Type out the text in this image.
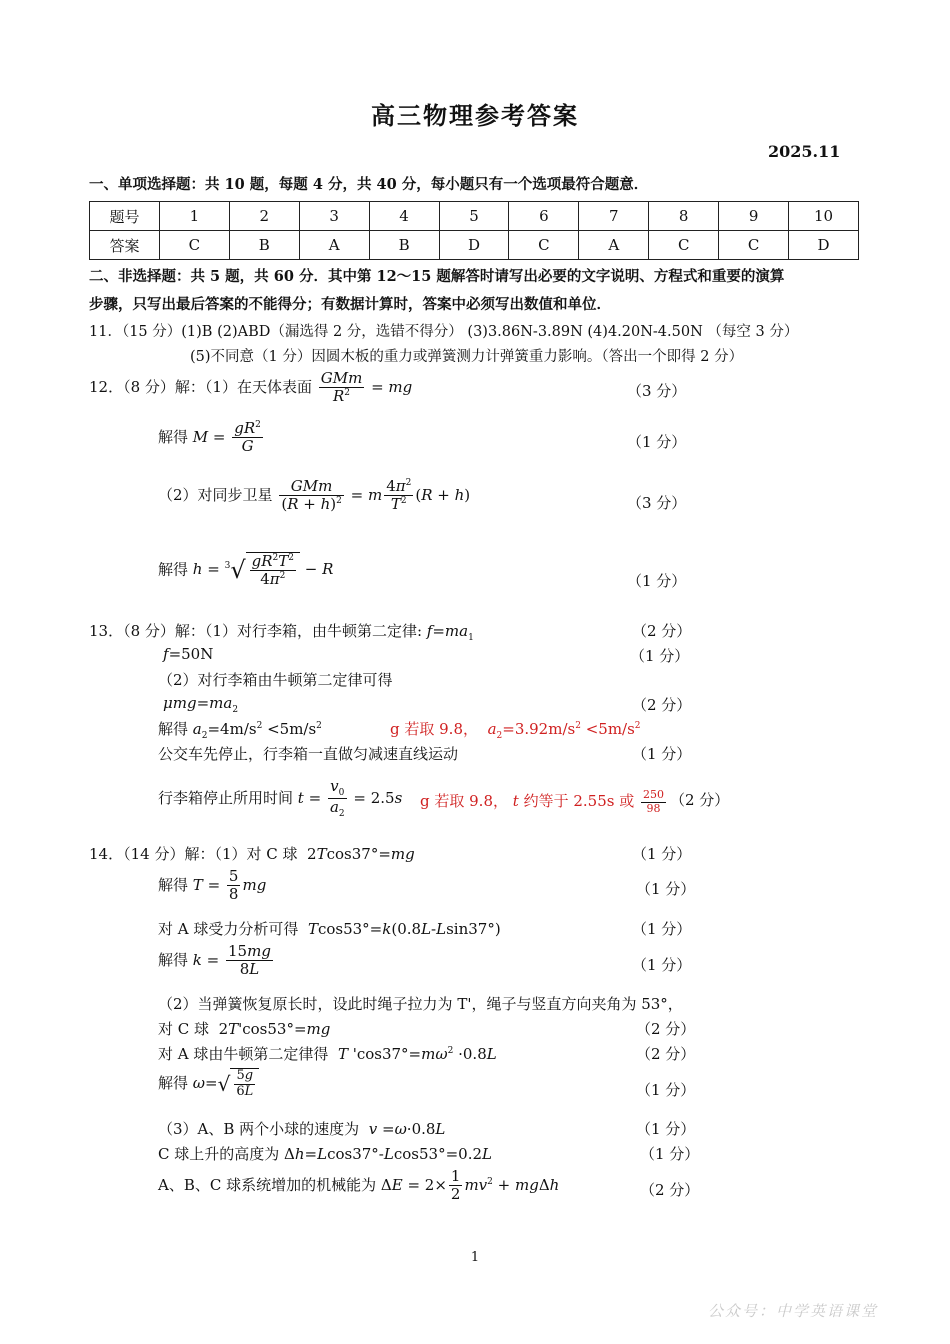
高三物理参考答案
2025.11
一、单项选择题：共 10 题，每题 4 分，共 40 分，每小题只有一个选项最符合题意．
题号	1	2	3	4	5	6	7	8	9	10
答案	C	B	A	B	D	C	A	C	C	D
二、非选择题：共 5 题，共 60 分．其中第 12～15 题解答时请写出必要的文字说明、方程式和重要的演算
步骤，只写出最后答案的不能得分；有数据计算时，答案中必须写出数值和单位．
11．（15 分）(1)B (2)ABD（漏选得 2 分，选错不得分） (3)3.86N-3.89N (4)4.20N-4.50N （每空 3 分）
(5)不同意（1 分）因圆木板的重力或弹簧测力计弹簧重力影响。（答出一个即得 2 分）
12．（8 分）解：（1）在天体表面 $\frac{\text{GMm}}{R^2}$ = mg	（3 分）
解得 $M = \frac{gR^2}{G}$	（1 分）
（2）对同步卫星 $\frac{\text{GMm}}{(R + h)^2} = m \frac{4\pi^2}{T^2} (R + h)$	（3 分）
解得 $h = ^3√ \frac{gR^2T^2}{4\pi^2} - R$
（1 分）
13．（8 分）解：（1）对行李箱，由牛顿第二定律: $f=ma_1$	（2 分）
f=50N	（1 分）
（2）对行李箱由牛顿第二定律可得
$\mu mg=ma_2$	（2 分）
解得 $a_2=4m/s^2 <5m/s^2$	g 若取 9.8， $a_2=3.92m/s^2 <5m/s^2$
公交车先停止，行李箱一直做匀减速直线运动	（1 分）
行李箱停止所用时间 $t = \frac{v_0}{a_2} = 2.5s$ g 若取 9.8， t 约等于 2.55s 或 $\frac{250}{98} (2$ 分）
14．（14 分）解：（1）对 C 球  2Tcos37°=mg	（1 分）
解得 $T = \frac{5}{8}$ mg	（1 分）
对 A 球受力分析可得 Tcos53°=k(0.8L-Lsin37°)	（1 分）
解得 $k = \frac{15mg}{8L}$	（1 分）
（2）当弹簧恢复原长时，设此时绳子拉力为 T'，绳子与竖直方向夹角为 53°，
对 C 球  2T'cos53°=mg	（2 分）
对 A 球由牛顿第二定律得 T '$\cos 37^\circ=m\omega^2 \cdot 0.8L$	（2 分）
解得 $\omega=√ \frac{5g}{6L}$	（1 分）
（3）A、B 两个小球的速度为 v =ω·0.8L	（1 分）
C 球上升的高度为 Δh=Lcos37°-Lcos53°=0.2L	（1 分）
A、B、C 球系统增加的机械能为 $\Delta E = 2\times \frac{1}{2} mv^2 + mg\Delta h$	（2 分）
1
公众号：中学英语课堂
